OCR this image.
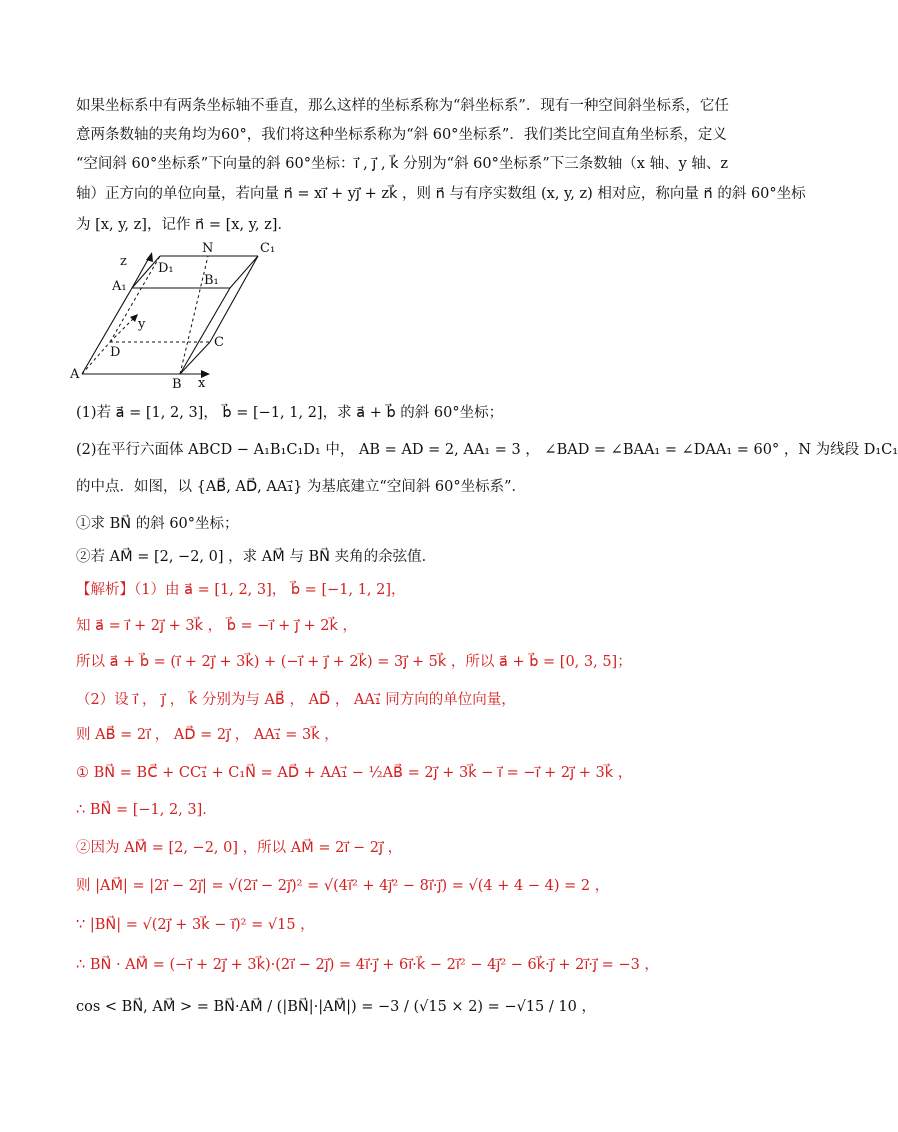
如果坐标系中有两条坐标轴不垂直，那么这样的坐标系称为“斜坐标系”．现有一种空间斜坐标系，它任
意两条数轴的夹角均为60°，我们将这种坐标系称为“斜 60°坐标系”．我们类比空间直角坐标系，定义
“空间斜 60°坐标系”下向量的斜 60°坐标：i⃗ , j⃗ , k⃗ 分别为“斜 60°坐标系”下三条数轴（x 轴、y 轴、z
轴）正方向的单位向量，若向量 n⃗ = xi⃗ + yj⃗ + zk⃗ ，则 n⃗ 与有序实数组 (x, y, z) 相对应，称向量 n⃗ 的斜 60°坐标
为 [x, y, z]，记作 n⃗ = [x, y, z]．
z D₁
N	C₁
A₁	B₁
y
D
C
A
B x
(1)若 a⃗ = [1, 2, 3]， b⃗ = [−1, 1, 2]，求 a⃗ + b⃗ 的斜 60°坐标；
(2)在平行六面体 ABCD − A₁B₁C₁D₁ 中， AB = AD = 2, AA₁ = 3 ， ∠BAD = ∠BAA₁ = ∠DAA₁ = 60° ，N 为线段 D₁C₁
的中点．如图，以 {AB⃗, AD⃗, AA₁⃗} 为基底建立“空间斜 60°坐标系”．
①求 BN⃗ 的斜 60°坐标；
②若 AM⃗ = [2, −2, 0] ，求 AM⃗ 与 BN⃗ 夹角的余弦值．
【解析】（1）由 a⃗ = [1, 2, 3]， b⃗ = [−1, 1, 2]，
知 a⃗ = i⃗ + 2j⃗ + 3k⃗ ， b⃗ = −i⃗ + j⃗ + 2k⃗ ，
所以 a⃗ + b⃗ = (i⃗ + 2j⃗ + 3k⃗) + (−i⃗ + j⃗ + 2k⃗) = 3j⃗ + 5k⃗ ，所以 a⃗ + b⃗ = [0, 3, 5]；
（2）设 i⃗ ， j⃗ ， k⃗ 分别为与 AB⃗ ， AD⃗ ， AA₁⃗ 同方向的单位向量，
则 AB⃗ = 2i⃗ ， AD⃗ = 2j⃗ ， AA₁⃗ = 3k⃗ ，
① BN⃗ = BC⃗ + CC₁⃗ + C₁N⃗ = AD⃗ + AA₁⃗ − ½AB⃗ = 2j⃗ + 3k⃗ − i⃗ = −i⃗ + 2j⃗ + 3k⃗ ，
∴ BN⃗ = [−1, 2, 3]．
②因为 AM⃗ = [2, −2, 0] ，所以 AM⃗ = 2i⃗ − 2j⃗ ，
则 |AM⃗| = |2i⃗ − 2j⃗| = √(2i⃗ − 2j⃗)² = √(4i⃗² + 4j⃗² − 8i⃗·j⃗) = √(4 + 4 − 4) = 2 ，
∵ |BN⃗| = √(2j⃗ + 3k⃗ − i⃗)² = √15 ，
∴ BN⃗ · AM⃗ = (−i⃗ + 2j⃗ + 3k⃗)·(2i⃗ − 2j⃗) = 4i⃗·j⃗ + 6i⃗·k⃗ − 2i⃗² − 4j⃗² − 6k⃗·j⃗ + 2i⃗·j⃗ = −3 ，
cos < BN⃗, AM⃗ > = BN⃗·AM⃗ / (|BN⃗|·|AM⃗|) = −3 / (√15 × 2) = −√15 / 10 ，
